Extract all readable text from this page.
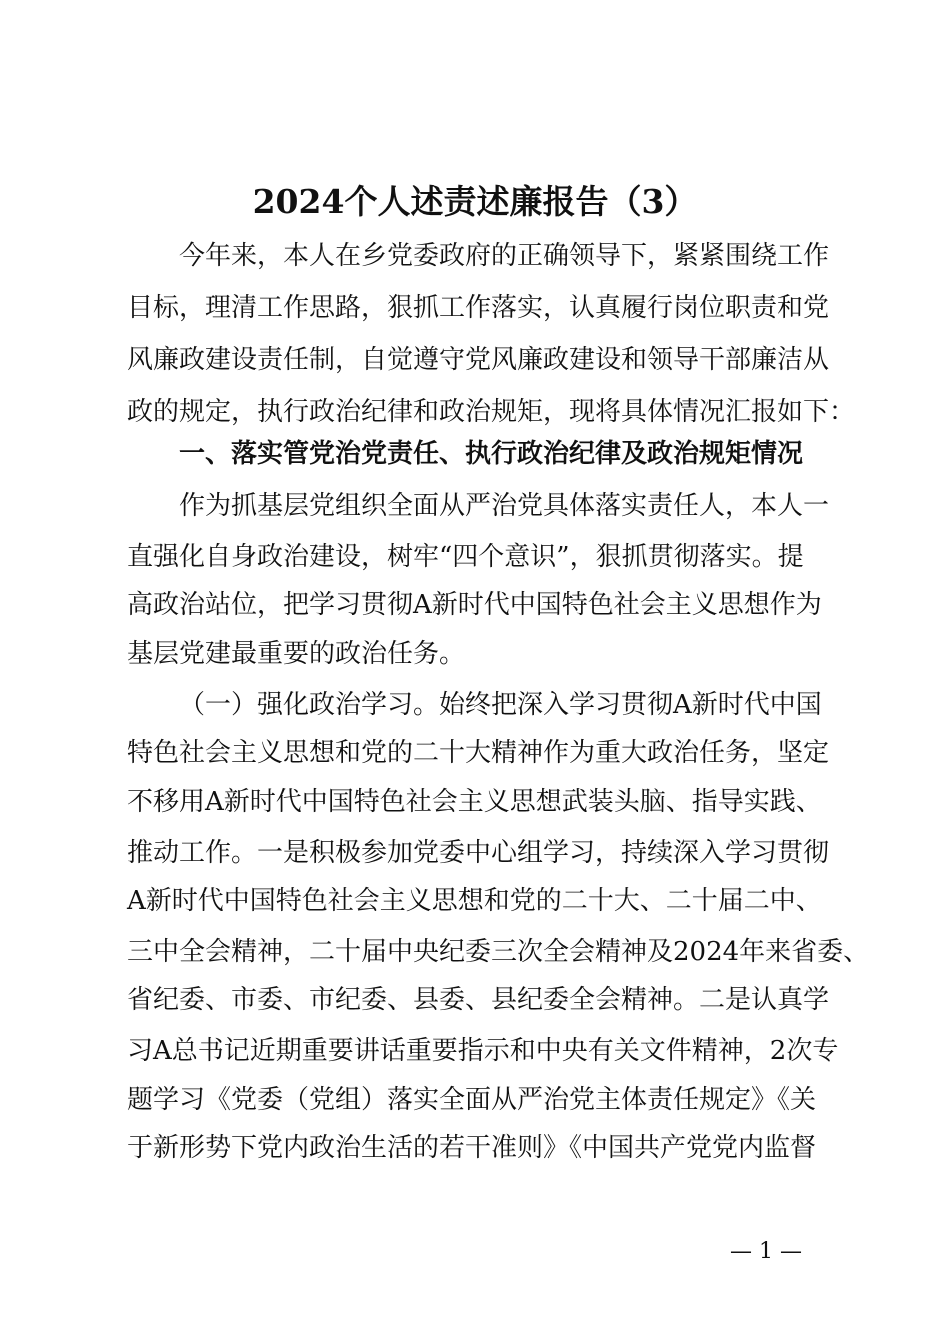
2024个人述责述廉报告（3）
今年来，本人在乡党委政府的正确领导下，紧紧围绕工作
目标，理清工作思路，狠抓工作落实，认真履行岗位职责和党
风廉政建设责任制，自觉遵守党风廉政建设和领导干部廉洁从
政的规定，执行政治纪律和政治规矩，现将具体情况汇报如下：
一、落实管党治党责任、执行政治纪律及政治规矩情况
作为抓基层党组织全面从严治党具体落实责任人，本人一
直强化自身政治建设，树牢“四个意识”，狠抓贯彻落实。提
高政治站位，把学习贯彻A新时代中国特色社会主义思想作为
基层党建最重要的政治任务。
（一）强化政治学习。始终把深入学习贯彻A新时代中国
特色社会主义思想和党的二十大精神作为重大政治任务，坚定
不移用A新时代中国特色社会主义思想武装头脑、指导实践、
推动工作。一是积极参加党委中心组学习，持续深入学习贯彻
A新时代中国特色社会主义思想和党的二十大、二十届二中、
三中全会精神，二十届中央纪委三次全会精神及2024年来省委、
省纪委、市委、市纪委、县委、县纪委全会精神。二是认真学
习A总书记近期重要讲话重要指示和中央有关文件精神，2次专
题学习《党委（党组）落实全面从严治党主体责任规定》《关
于新形势下党内政治生活的若干准则》《中国共产党党内监督
— 1 —
